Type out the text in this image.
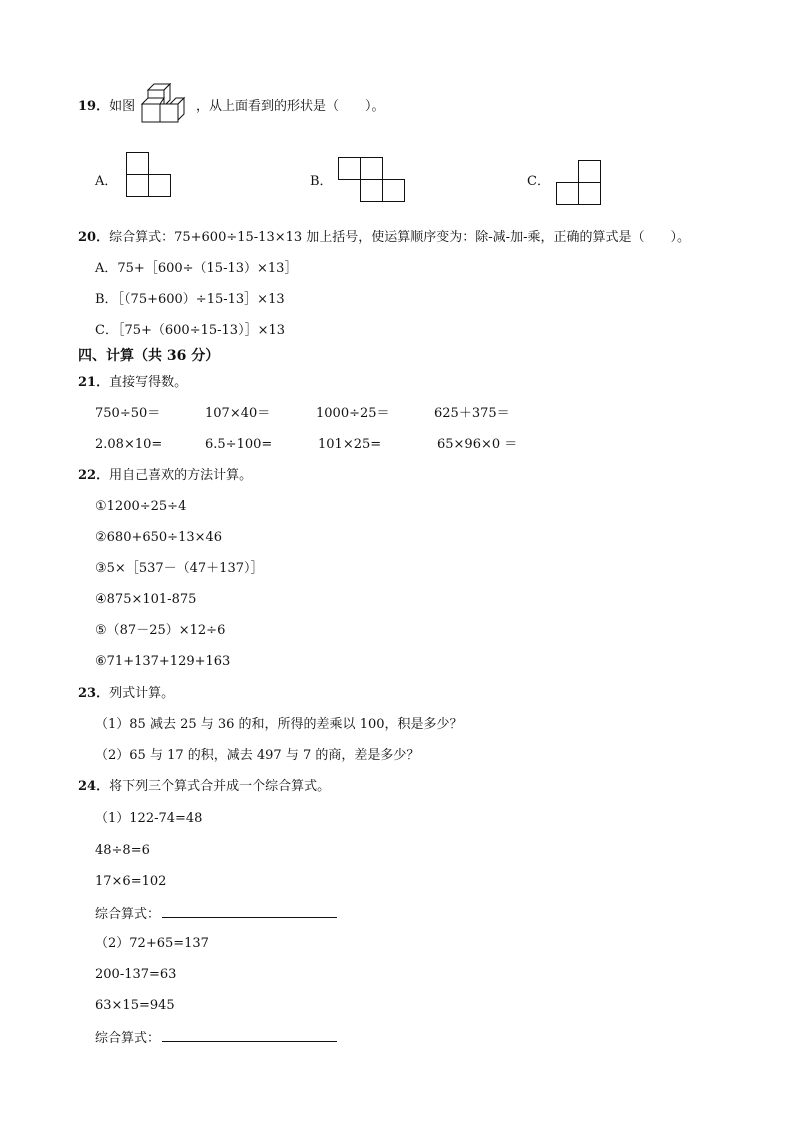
19．如图	，从上面看到的形状是（　　）。
A．	B．	C．
20．综合算式：75+600÷15-13×13 加上括号，使运算顺序变为：除-减-加-乘，正确的算式是（　　）。
A．75+［600÷（15-13）×13］
B．［（75+600）÷15-13］×13
C．［75+（600÷15-13）］×13
四、计算（共 36 分）
21．直接写得数。
750÷50＝	107×40＝	1000÷25＝	625＋375＝
2.08×10=	6.5÷100=	101×25=	65×96×0 ＝
22．用自己喜欢的方法计算。
①1200÷25÷4
②680+650÷13×46
③5×［537－（47＋137）］
④875×101-875
⑤（87－25）×12÷6
⑥71+137+129+163
23．列式计算。
（1）85 减去 25 与 36 的和，所得的差乘以 100，积是多少？
（2）65 与 17 的积，减去 497 与 7 的商，差是多少？
24．将下列三个算式合并成一个综合算式。
（1）122-74=48
48÷8=6
17×6=102
综合算式：
（2）72+65=137
200-137=63
63×15=945
综合算式：
